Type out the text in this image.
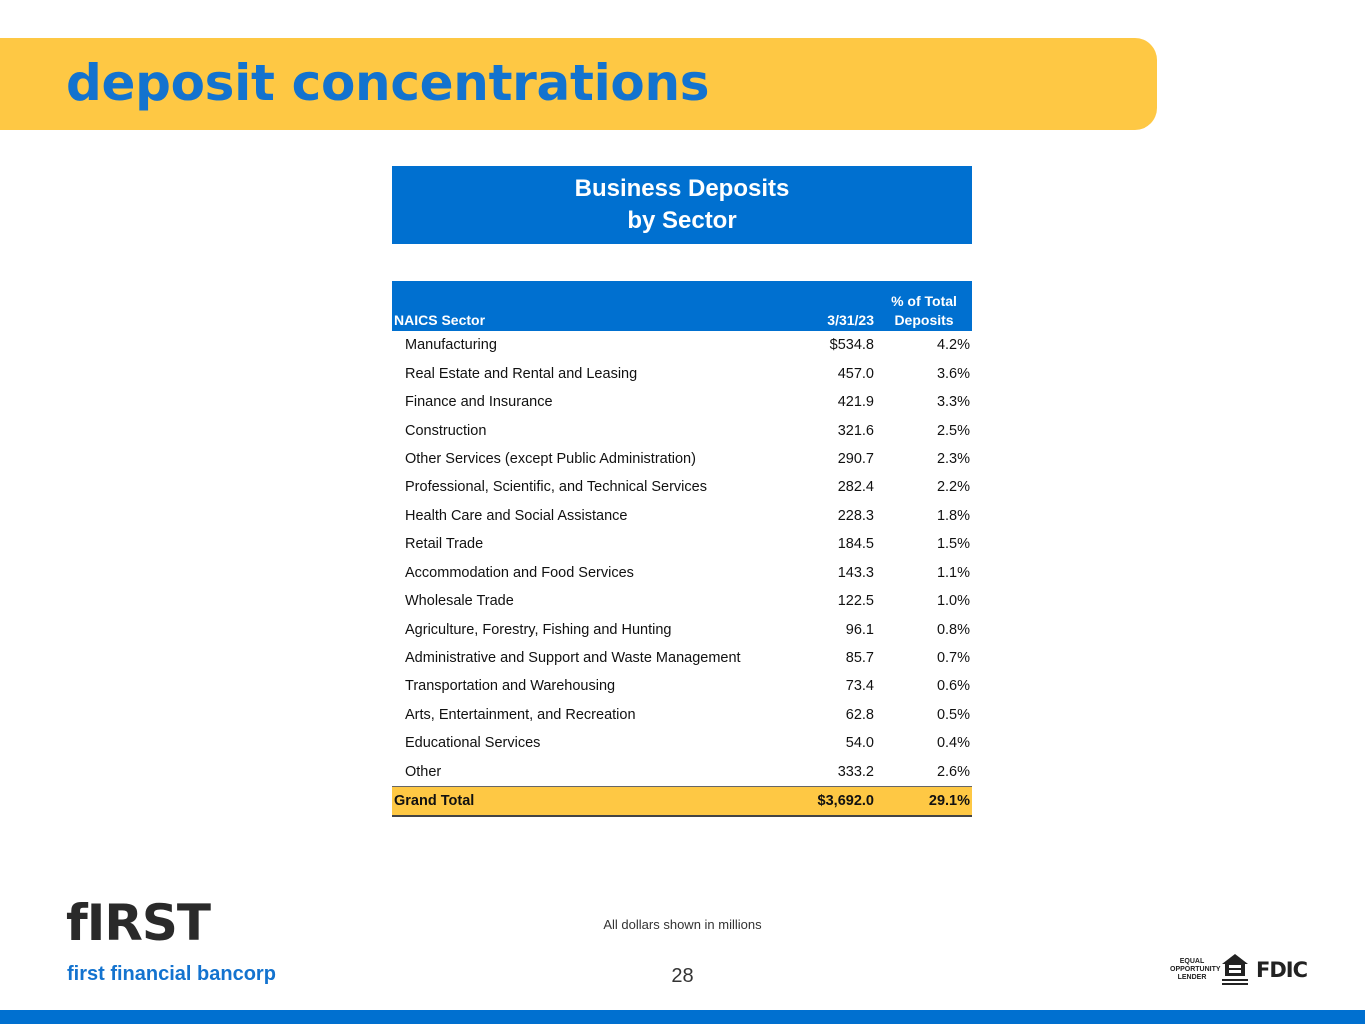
deposit concentrations
Business Deposits
by Sector
NAICS Sector	3/31/23	% of Total
Deposits

Manufacturing	$534.8	4.2%
Real Estate and Rental and Leasing	457.0	3.6%
Finance and Insurance	421.9	3.3%
Construction	321.6	2.5%
Other Services (except Public Administration)	290.7	2.3%
Professional, Scientific, and Technical Services	282.4	2.2%
Health Care and Social Assistance	228.3	1.8%
Retail Trade	184.5	1.5%
Accommodation and Food Services	143.3	1.1%
Wholesale Trade	122.5	1.0%
Agriculture, Forestry, Fishing and Hunting	96.1	0.8%
Administrative and Support and Waste Management	85.7	0.7%
Transportation and Warehousing	73.4	0.6%
Arts, Entertainment, and Recreation	62.8	0.5%
Educational Services	54.0	0.4%
Other	333.2	2.6%
Grand Total	$3,692.0	29.1%
All dollars shown in millions
28
fIRST
first financial bancorp
EQUAL
OPPORTUNITY
LENDER	FDIC
